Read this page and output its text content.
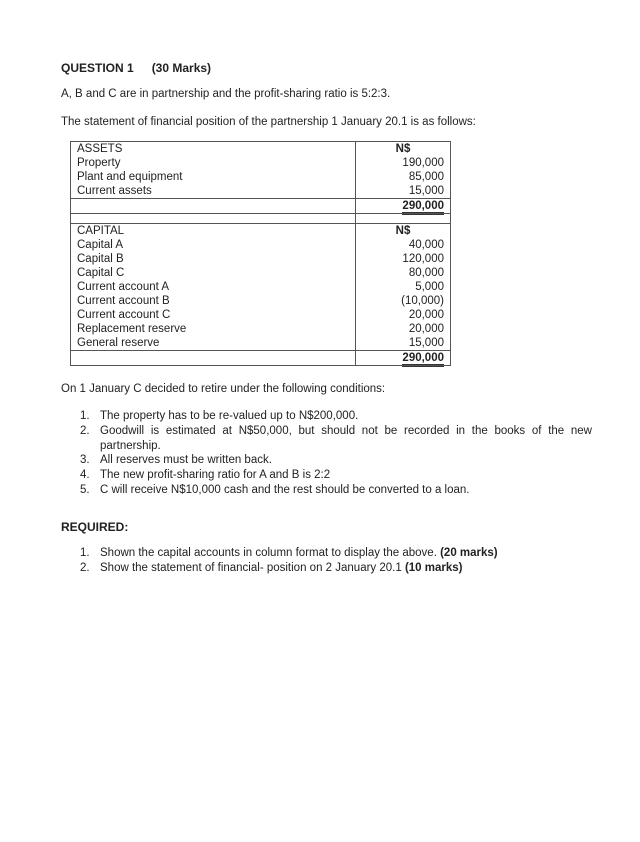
QUESTION 1 (30 Marks)
A, B and C are in partnership and the profit-sharing ratio is 5:2:3.
The statement of financial position of the partnership 1 January 20.1 is as follows:
ASSETS	N$
Property	190,000
Plant and equipment	85,000
Current assets	15,000
	290,000

CAPITAL	N$
Capital A	40,000
Capital B	120,000
Capital C	80,000
Current account A	5,000
Current account B	(10,000)
Current account C	20,000
Replacement reserve	20,000
General reserve	15,000
	290,000
On 1 January C decided to retire under the following conditions:
1. The property has to be re-valued up to N$200,000.
2. Goodwill is estimated at N$50,000, but should not be recorded in the books of the new partnership.
3. All reserves must be written back.
4. The new profit-sharing ratio for A and B is 2:2
5. C will receive N$10,000 cash and the rest should be converted to a loan.
REQUIRED:
1. Shown the capital accounts in column format to display the above. (20 marks)
2. Show the statement of financial- position on 2 January 20.1 (10 marks)
